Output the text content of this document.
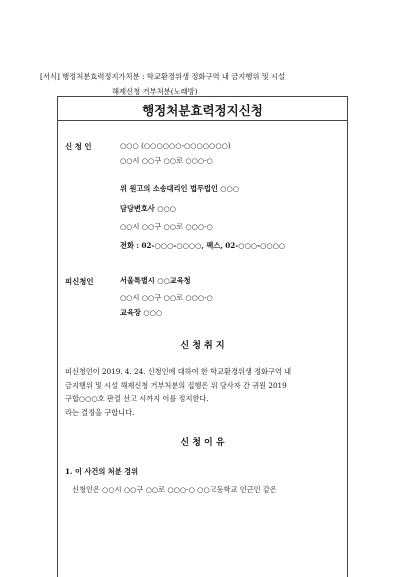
[서식] 행정처분효력정지가처분 : 학교환경위생 정화구역 내 금지행위 및 시설
해제신청 거부처분(노래방)
행정처분효력정지신청
신 청 인	○○○ (○○○○○○-○○○○○○○)
○○시 ○○구 ○○로 ○○○-○
위 원고의 소송대리인 법무법인 ○○○
담당변호사 ○○○
○○시 ○○구 ○○로 ○○○-○
전화 : 02-○○○-○○○○, 팩스, 02-○○○-○○○○
피신청인	서울특별시 ○○교육청
○○시 ○○구 ○○로 ○○○-○
교육장 ○○○
신 청 취 지
피신청인이 2019. 4. 24. 신청인에 대하여 한 학교환경위생 정화구역 내
금지행위 및 시설 해제신청 거부처분의 집행은 위 당사자 간 귀원 2019
구합○○○호 판결 선고 시까지 이를 정지한다.
라는 결정을 구합니다.
신 청 이 유
1. 이 사건의 처분 경위
신청인은 ○○시 ○○구 ○○로 ○○○-○ ○○고등학교 인근인 같은
